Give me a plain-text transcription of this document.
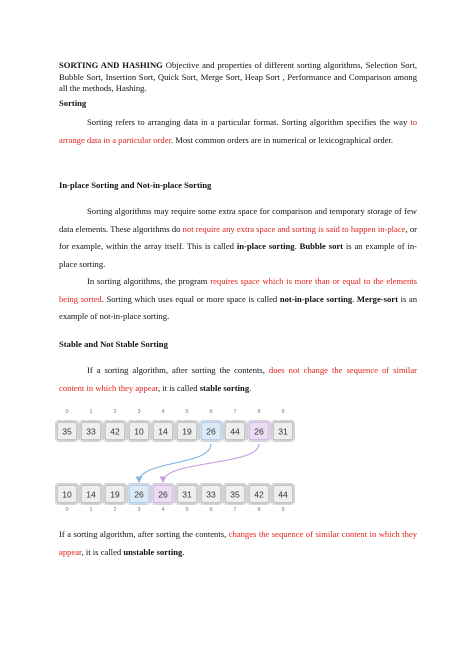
SORTING AND HASHING Objective and properties of different sorting algorithms, Selection Sort, Bubble Sort, Insertion Sort, Quick Sort, Merge Sort, Heap Sort , Performance and Comparison among all the methods, Hashing.

Sorting

Sorting refers to arranging data in a particular format. Sorting algorithm specifies the way to arrange data in a particular order. Most common orders are in numerical or lexicographical order.

In-place Sorting and Not-in-place Sorting

Sorting algorithms may require some extra space for comparison and temporary storage of few data elements. These algorithms do not require any extra space and sorting is said to happen in-place, or for example, within the array itself. This is called in-place sorting. Bubble sort is an example of in-place sorting.

In sorting algorithms, the program requires space which is more than or equal to the elements being sorted. Sorting which uses equal or more space is called not-in-place sorting. Merge-sort is an example of not-in-place sorting.

Stable and Not Stable Sorting

If a sorting algorithm, after sorting the contents, does not change the sequence of similar content in which they appear, it is called stable sorting.

35
0
33
1
42
2
10
3
14
4
19
5
26
6
44
7
26
8
31
9
10
0
14
1
19
2
26
3
26
4
31
5
33
6
35
7
42
8
44
9

If a sorting algorithm, after sorting the contents, changes the sequence of similar content in which they appear, it is called unstable sorting.
